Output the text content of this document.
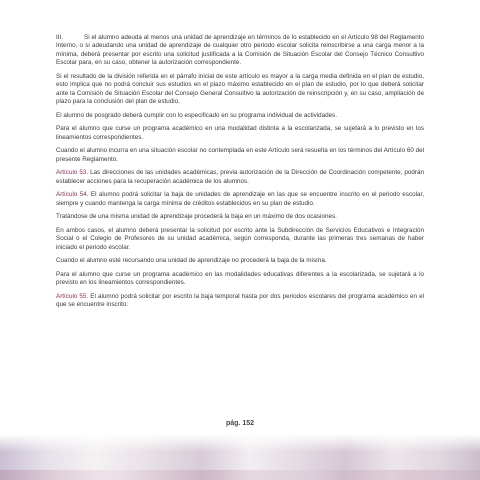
III.	Si el alumno adeuda al menos una unidad de aprendizaje en términos de lo establecido en el Artículo 98 del Reglamento Interno, o si adeudando una unidad de aprendizaje de cualquier otro periodo escolar solicita reinscribirse a una carga menor a la mínima, deberá presentar por escrito una solicitud justificada a la Comisión de Situación Escolar del Consejo Técnico Consultivo Escolar para, en su caso, obtener la autorización correspondiente.

Si el resultado de la división referida en el párrafo inicial de este artículo es mayor a la carga media definida en el plan de estudio, esto implica que no podrá concluir sus estudios en el plazo máximo establecido en el plan de estudio, por lo que deberá solicitar ante la Comisión de Situación Escolar del Consejo General Consultivo la autorización de reinscripción y, en su caso, ampliación de plazo para la conclusión del plan de estudio.

El alumno de posgrado deberá cumplir con lo especificado en su programa individual de actividades.

Para el alumno que curse un programa académico en una modalidad distinta a la escolarizada, se sujetará a lo previsto en los lineamientos correspondientes.

Cuando el alumno incurra en una situación escolar no contemplada en este Artículo será resuelta en los términos del Artículo 60 del presente Reglamento.

Artículo 53. Las direcciones de las unidades académicas, previa autorización de la Dirección de Coordinación competente, podrán establecer acciones para la recuperación académica de los alumnos.

Artículo 54. El alumno podrá solicitar la baja de unidades de aprendizaje en las que se encuentre inscrito en el periodo escolar, siempre y cuando mantenga la carga mínima de créditos establecidos en su plan de estudio.

Tratándose de una misma unidad de aprendizaje procederá la baja en un máximo de dos ocasiones.

En ambos casos, el alumno deberá presentar la solicitud por escrito ante la Subdirección de Servicios Educativos e Integración Social o el Colegio de Profesores de su unidad académica, según corresponda, durante las primeras tres semanas de haber iniciado el periodo escolar.

Cuando el alumno esté recursando una unidad de aprendizaje no procederá la baja de la misma.

Para el alumno que curse un programa académico en las modalidades educativas diferentes a la escolarizada, se sujetará a lo previsto en los lineamientos correspondientes.

Artículo 55. El alumno podrá solicitar por escrito la baja temporal hasta por dos periodos escolares del programa académico en el que se encuentre inscrito:

pág. 152
